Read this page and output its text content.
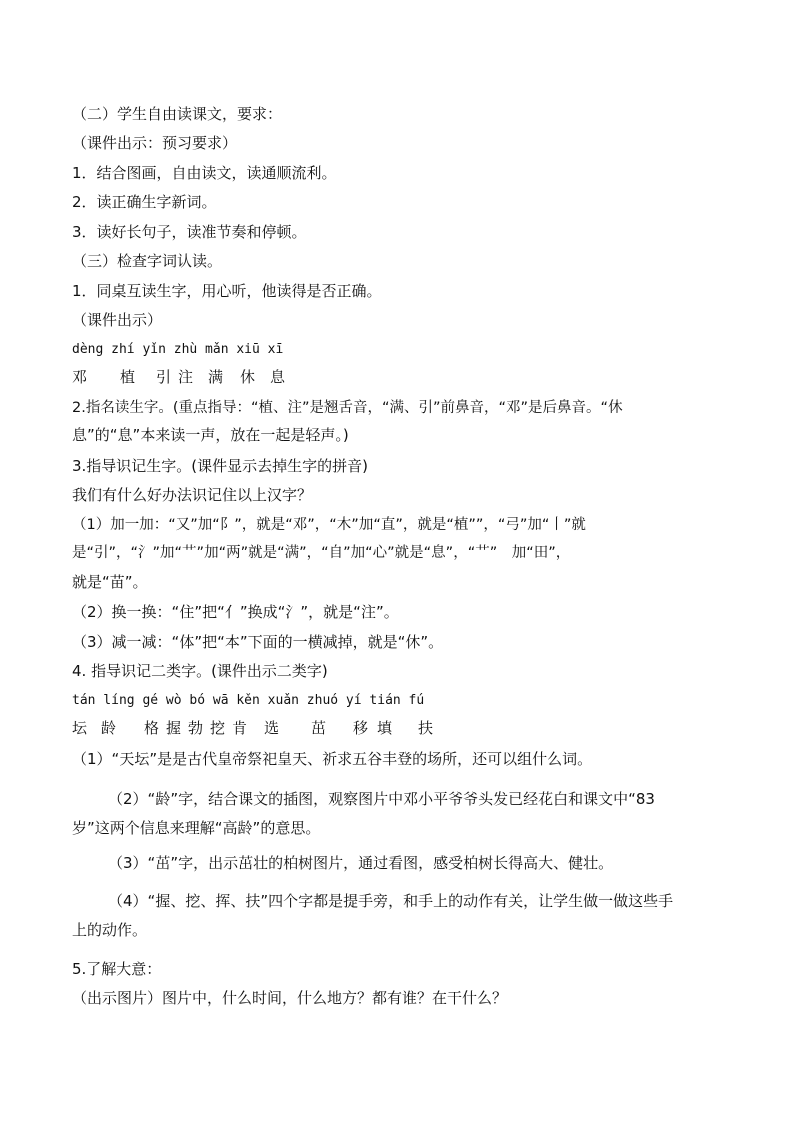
（二）学生自由读课文，要求：
（课件出示：预习要求）
1．结合图画，自由读文，读通顺流利。
2．读正确生字新词。
3．读好长句子，读准节奏和停顿。
（三）检查字词认读。
1．同桌互读生字，用心听，他读得是否正确。
（课件出示）
dèng zhí yǐn zhù mǎn xiū xī
邓 植 引 注 满 休 息
2.指名读生字。(重点指导：“植、注”是翘舌音，“满、引”前鼻音，“邓”是后鼻音。“休
息”的“息”本来读一声，放在一起是轻声。)
3.指导识记生字。(课件显示去掉生字的拼音)
我们有什么好办法识记住以上汉字？
（1）加一加：“又”加“阝”，就是“邓”，“木”加“直”，就是“植””，“弓”加“丨”就
是“引”，“氵”加“艹”加“两”就是“满”，“自”加“心”就是“息”，“艹”　加“田”，
就是“苗”。
（2）换一换：“住”把“亻”换成“氵”，就是“注”。
（3）减一减：“体”把“本”下面的一横减掉，就是“休”。
4. 指导识记二类字。(课件出示二类字)
tán líng gé wò bó wā kěn xuǎn zhuó yí tián fú
坛 龄 格 握 勃 挖 肯 选 茁 移 填 扶
（1）“天坛”是是古代皇帝祭祀皇天、祈求五谷丰登的场所，还可以组什么词。
（2）“龄”字，结合课文的插图，观察图片中邓小平爷爷头发已经花白和课文中“83
岁”这两个信息来理解“高龄”的意思。
（3）“茁”字，出示茁壮的柏树图片，通过看图，感受柏树长得高大、健壮。
（4）“握、挖、挥、扶”四个字都是提手旁，和手上的动作有关，让学生做一做这些手
上的动作。
5.了解大意：
（出示图片）图片中，什么时间，什么地方？都有谁？在干什么？
